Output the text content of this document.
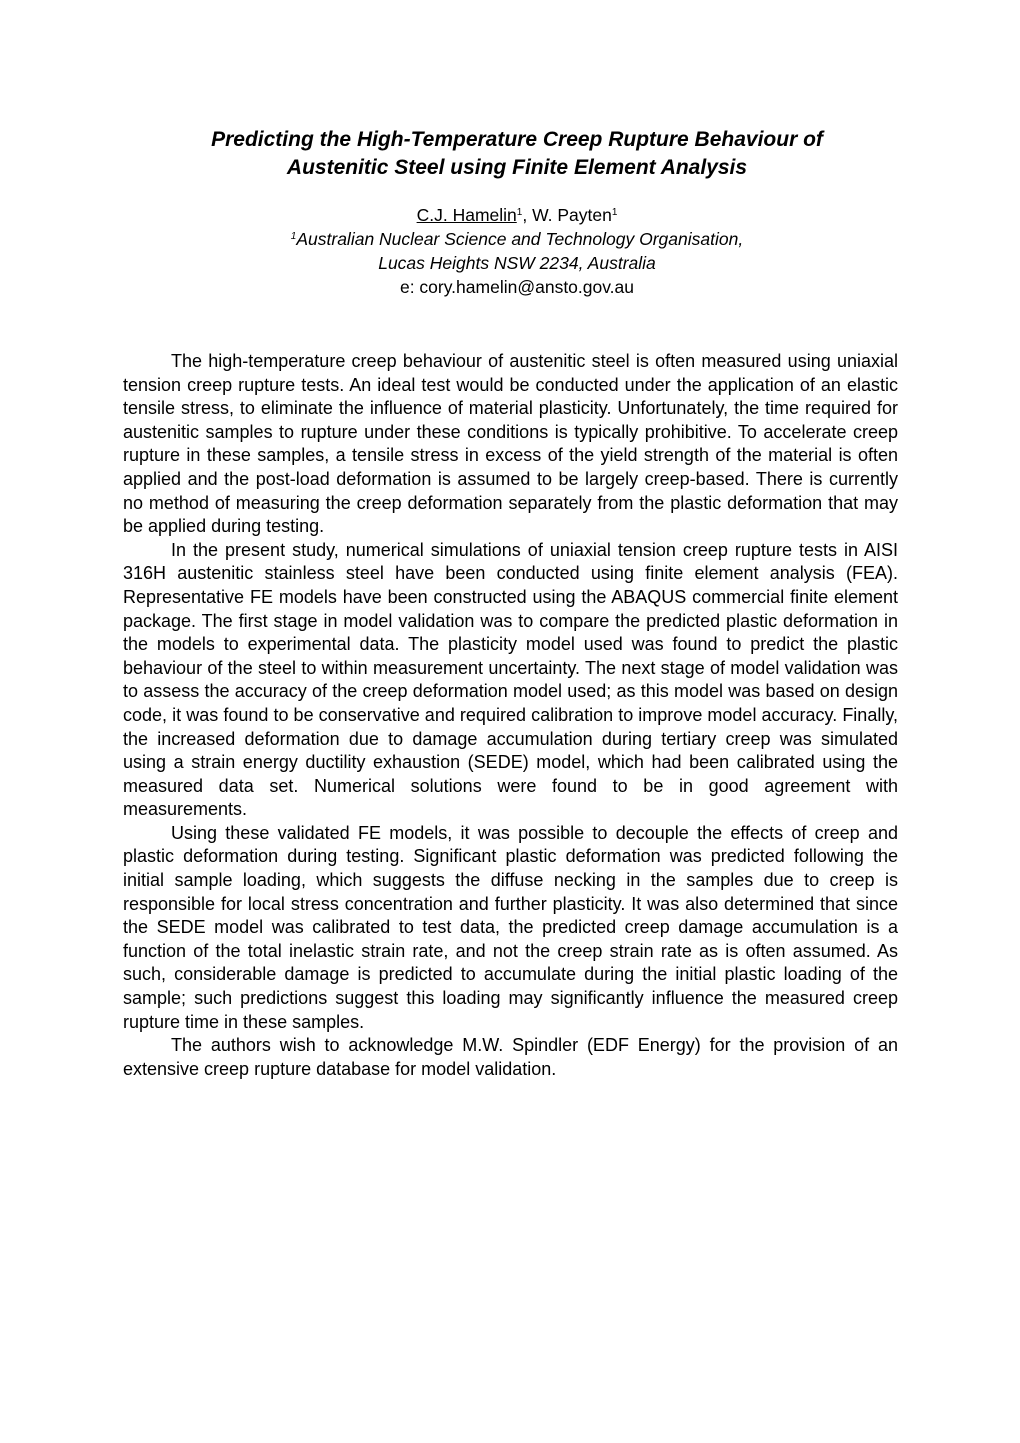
Predicting the High-Temperature Creep Rupture Behaviour of
Austenitic Steel using Finite Element Analysis
C.J. Hamelin$^1$, W. Payten$^1$
$^1$Australian Nuclear Science and Technology Organisation,
Lucas Heights NSW 2234, Australia
e: cory.hamelin@ansto.gov.au

The high-temperature creep behaviour of austenitic steel is often measured using uniaxial tension creep rupture tests. An ideal test would be conducted under the application of an elastic tensile stress, to eliminate the influence of material plasticity. Unfortunately, the time required for austenitic samples to rupture under these conditions is typically prohibitive. To accelerate creep rupture in these samples, a tensile stress in excess of the yield strength of the material is often applied and the post-load deformation is assumed to be largely creep-based. There is currently no method of measuring the creep deformation separately from the plastic deformation that may be applied during testing.

In the present study, numerical simulations of uniaxial tension creep rupture tests in AISI 316H austenitic stainless steel have been conducted using finite element analysis (FEA). Representative FE models have been constructed using the ABAQUS commercial finite element package. The first stage in model validation was to compare the predicted plastic deformation in the models to experimental data. The plasticity model used was found to predict the plastic behaviour of the steel to within measurement uncertainty. The next stage of model validation was to assess the accuracy of the creep deformation model used; as this model was based on design code, it was found to be conservative and required calibration to improve model accuracy. Finally, the increased deformation due to damage accumulation during tertiary creep was simulated using a strain energy ductility exhaustion (SEDE) model, which had been calibrated using the measured data set. Numerical solutions were found to be in good agreement with measurements.

Using these validated FE models, it was possible to decouple the effects of creep and plastic deformation during testing. Significant plastic deformation was predicted following the initial sample loading, which suggests the diffuse necking in the samples due to creep is responsible for local stress concentration and further plasticity. It was also determined that since the SEDE model was calibrated to test data, the predicted creep damage accumulation is a function of the total inelastic strain rate, and not the creep strain rate as is often assumed. As such, considerable damage is predicted to accumulate during the initial plastic loading of the sample; such predictions suggest this loading may significantly influence the measured creep rupture time in these samples.

The authors wish to acknowledge M.W. Spindler (EDF Energy) for the provision of an extensive creep rupture database for model validation.
